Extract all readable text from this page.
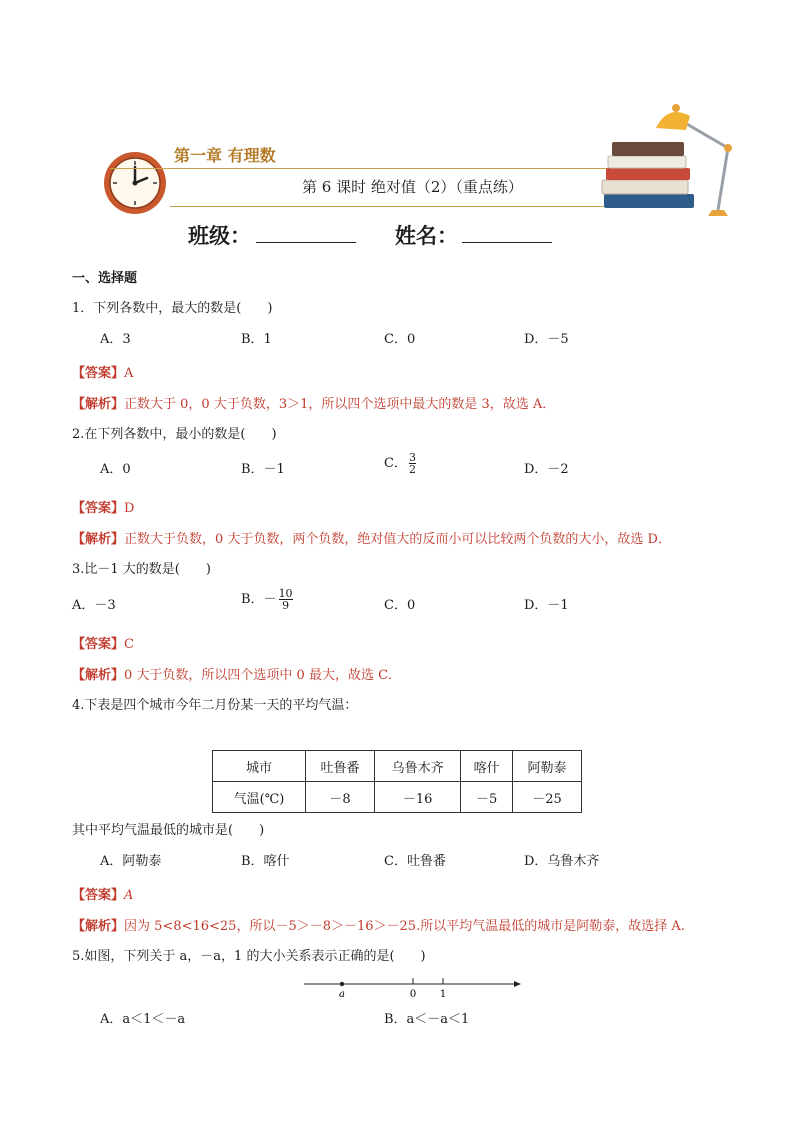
第一章 有理数
第 6 课时 绝对值（2）（重点练）
班级：	姓名：
一、选择题
1．下列各数中，最大的数是(　　)
A．3	B．1	C．0	D．－5
【答案】A
【解析】正数大于 0，0 大于负数，3＞1，所以四个选项中最大的数是 3，故选 A．
2.在下列各数中，最小的数是(　　)
A．0	B．－1	C． $\frac{3}{2}$	D．－2
【答案】D
【解析】正数大于负数，0 大于负数，两个负数，绝对值大的反而小可以比较两个负数的大小，故选 D．
3.比－1 大的数是(　　)
A．－3	B．－ $\frac{10}{9}$	C．0	D．－1
【答案】C
【解析】0 大于负数，所以四个选项中 0 最大，故选 C．
4.下表是四个城市今年二月份某一天的平均气温：
城市	吐鲁番	乌鲁木齐	喀什	阿勒泰
气温(℃)	－8	－16	－5	－25
其中平均气温最低的城市是(　　)
A．阿勒泰	B．喀什	C．吐鲁番	D．乌鲁木齐
【答案】A
【解析】因为 5<8<16<25，所以－5＞－8＞－16＞－25.所以平均气温最低的城市是阿勒泰，故选择 A.
5.如图，下列关于 a，－a，1 的大小关系表示正确的是(　　)
a	0 1
A．a＜1＜－a	B．a＜－a＜1
